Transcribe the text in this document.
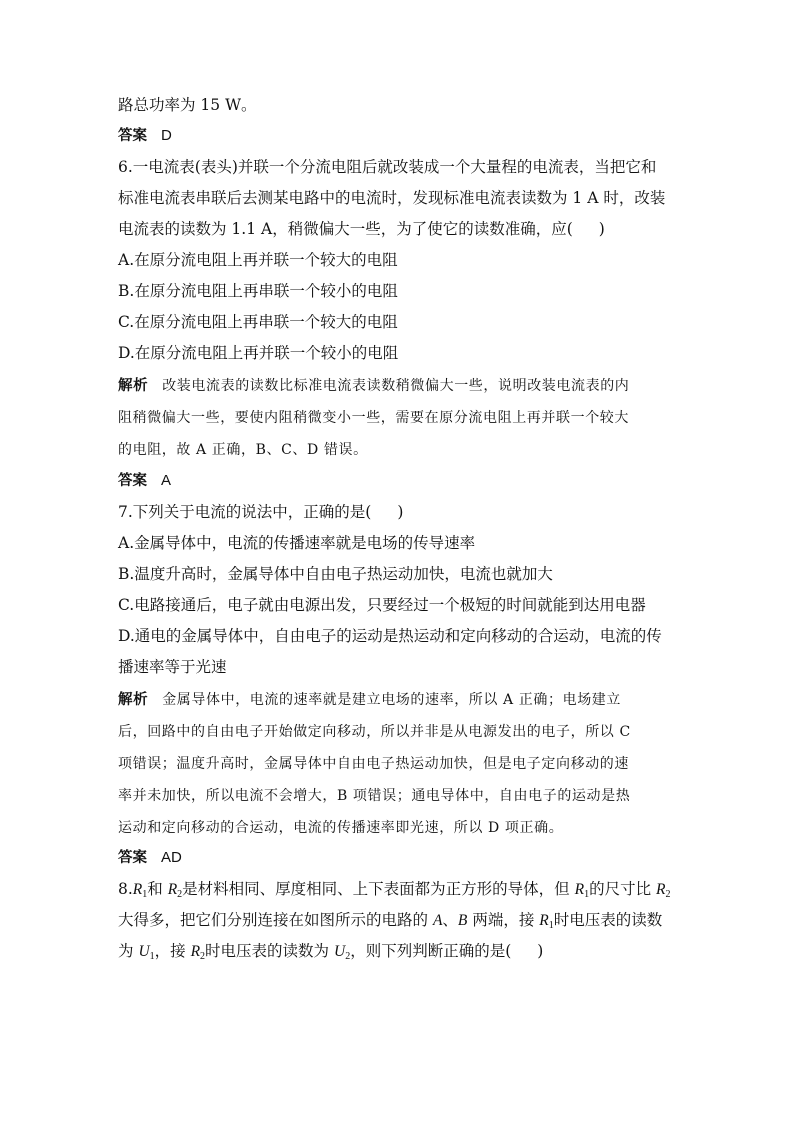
路总功率为 15 W。
答案 D
6.一电流表(表头)并联一个分流电阻后就改装成一个大量程的电流表，当把它和
标准电流表串联后去测某电路中的电流时，发现标准电流表读数为 1 A 时，改装
电流表的读数为 1.1 A，稍微偏大一些，为了使它的读数准确，应( )
A.在原分流电阻上再并联一个较大的电阻
B.在原分流电阻上再串联一个较小的电阻
C.在原分流电阻上再串联一个较大的电阻
D.在原分流电阻上再并联一个较小的电阻
解析 改装电流表的读数比标准电流表读数稍微偏大一些，说明改装电流表的内
阻稍微偏大一些，要使内阻稍微变小一些，需要在原分流电阻上再并联一个较大
的电阻，故 A 正确，B、C、D 错误。
答案 A
7.下列关于电流的说法中，正确的是( )
A.金属导体中，电流的传播速率就是电场的传导速率
B.温度升高时，金属导体中自由电子热运动加快，电流也就加大
C.电路接通后，电子就由电源出发，只要经过一个极短的时间就能到达用电器
D.通电的金属导体中，自由电子的运动是热运动和定向移动的合运动，电流的传
播速率等于光速
解析 金属导体中，电流的速率就是建立电场的速率，所以 A 正确；电场建立
后，回路中的自由电子开始做定向移动，所以并非是从电源发出的电子，所以 C
项错误；温度升高时，金属导体中自由电子热运动加快，但是电子定向移动的速
率并未加快，所以电流不会增大，B 项错误；通电导体中，自由电子的运动是热
运动和定向移动的合运动，电流的传播速率即光速，所以 D 项正确。
答案 AD
$8.R_1$和 $R_2$是材料相同、厚度相同、上下表面都为正方形的导体，但 $R_1$的尺寸比 $R_2$
大得多，把它们分别连接在如图所示的电路的 A、B 两端，接 $R_1$时电压表的读数
为 $U_1$，接 $R_2$时电压表的读数为 $U_2$，则下列判断正确的是( )
